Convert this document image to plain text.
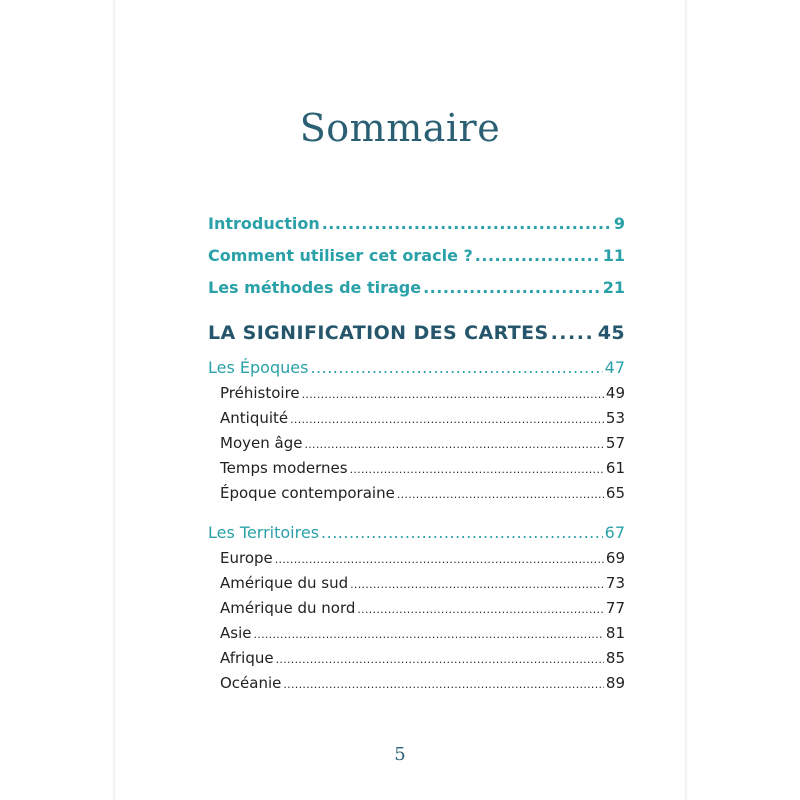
Sommaire
Introduction .....	9
Comment utiliser cet oracle ? .....	11
Les méthodes de tirage .....	21
LA SIGNIFICATION DES CARTES .....	45
Les Époques .....	47
Préhistoire .....	49
Antiquité .....	53
Moyen âge .....	57
Temps modernes .....	61
Époque contemporaine .....	65
Les Territoires .....	67
Europe .....	69
Amérique du sud .....	73
Amérique du nord .....	77
Asie .....	81
Afrique .....	85
Océanie .....	89
5
